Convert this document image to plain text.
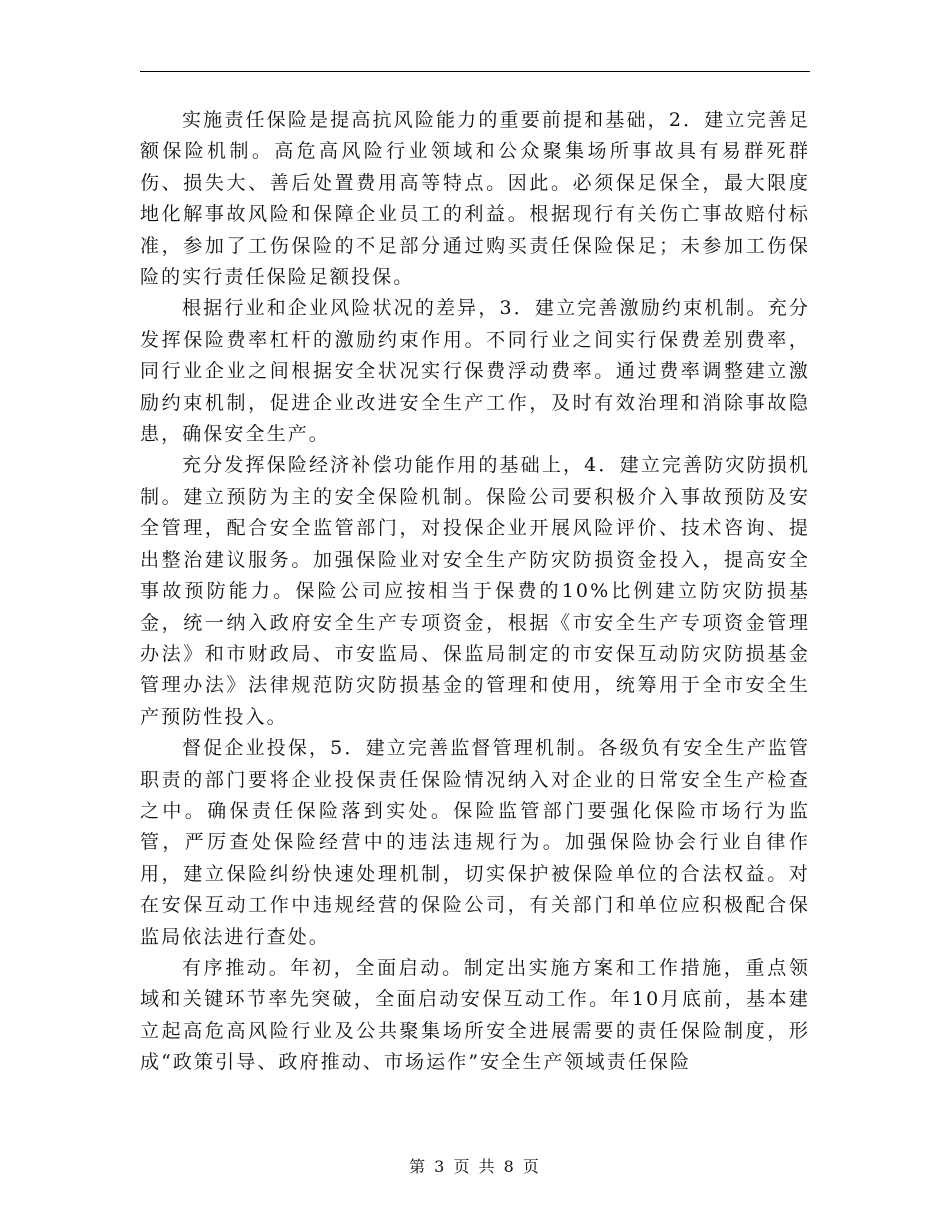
实施责任保险是提高抗风险能力的重要前提和基础，2．建立完善足额保险机制。高危高风险行业领域和公众聚集场所事故具有易群死群伤、损失大、善后处置费用高等特点。因此。必须保足保全，最大限度地化解事故风险和保障企业员工的利益。根据现行有关伤亡事故赔付标准，参加了工伤保险的不足部分通过购买责任保险保足；未参加工伤保险的实行责任保险足额投保。

根据行业和企业风险状况的差异，3．建立完善激励约束机制。充分发挥保险费率杠杆的激励约束作用。不同行业之间实行保费差别费率，同行业企业之间根据安全状况实行保费浮动费率。通过费率调整建立激励约束机制，促进企业改进安全生产工作，及时有效治理和消除事故隐患，确保安全生产。

充分发挥保险经济补偿功能作用的基础上，4．建立完善防灾防损机制。建立预防为主的安全保险机制。保险公司要积极介入事故预防及安全管理，配合安全监管部门，对投保企业开展风险评价、技术咨询、提出整治建议服务。加强保险业对安全生产防灾防损资金投入，提高安全事故预防能力。保险公司应按相当于保费的10%比例建立防灾防损基金，统一纳入政府安全生产专项资金，根据《市安全生产专项资金管理办法》和市财政局、市安监局、保监局制定的市安保互动防灾防损基金管理办法》法律规范防灾防损基金的管理和使用，统筹用于全市安全生产预防性投入。

督促企业投保，5．建立完善监督管理机制。各级负有安全生产监管职责的部门要将企业投保责任保险情况纳入对企业的日常安全生产检查之中。确保责任保险落到实处。保险监管部门要强化保险市场行为监管，严厉查处保险经营中的违法违规行为。加强保险协会行业自律作用，建立保险纠纷快速处理机制，切实保护被保险单位的合法权益。对在安保互动工作中违规经营的保险公司，有关部门和单位应积极配合保监局依法进行查处。

有序推动。年初，全面启动。制定出实施方案和工作措施，重点领域和关键环节率先突破，全面启动安保互动工作。年10月底前，基本建立起高危高风险行业及公共聚集场所安全进展需要的责任保险制度，形成“政策引导、政府推动、市场运作”安全生产领域责任保险

第 3 页 共 8 页
